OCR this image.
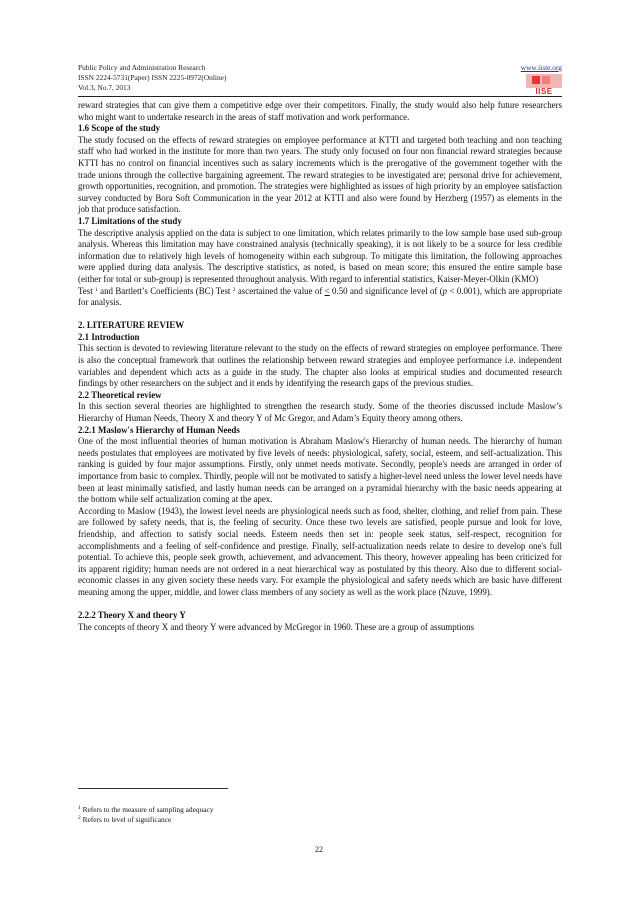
Public Policy and Administration Research
ISSN 2224-5731(Paper) ISSN 2225-0972(Online)
Vol.3, No.7, 2013
www.iiste.org
IISE

reward strategies that can give them a competitive edge over their competitors. Finally, the study would also help future researchers who might want to undertake research in the areas of staff motivation and work performance.

1.6 Scope of the study

The study focused on the effects of reward strategies on employee performance at KTTI and targeted both teaching and non teaching staff who had worked in the institute for more than two years. The study only focused on four non financial reward strategies because KTTI has no control on financial incentives such as salary increments which is the prerogative of the government together with the trade unions through the collective bargaining agreement. The reward strategies to be investigated are; personal drive for achievement, growth opportunities, recognition, and promotion. The strategies were highlighted as issues of high priority by an employee satisfaction survey conducted by Bora Soft Communication in the year 2012 at KTTI and also were found by Herzberg (1957) as elements in the job that produce satisfaction.

1.7 Limitations of the study

The descriptive analysis applied on the data is subject to one limitation, which relates primarily to the low sample base used sub-group analysis. Whereas this limitation may have constrained analysis (technically speaking), it is not likely to be a source for less credible information due to relatively high levels of homogeneity within each subgroup. To mitigate this limitation, the following approaches were applied during data analysis. The descriptive statistics, as noted, is based on mean score; this ensured the entire sample base (either for total or sub-group) is represented throughout analysis. With regard to inferential statistics, Kaiser-Meyer-Olkin (KMO)

Test $^1$ and Bartlett’s Coefficients (BC) Test $^2$ ascertained the value of < 0.50 and significance level of (p < 0.001), which are appropriate for analysis.

2. LITERATURE REVIEW

2.1 Introduction

This section is devoted to reviewing literature relevant to the study on the effects of reward strategies on employee performance. There is also the conceptual framework that outlines the relationship between reward strategies and employee performance i.e. independent variables and dependent which acts as a guide in the study. The chapter also looks at empirical studies and documented research findings by other researchers on the subject and it ends by identifying the research gaps of the previous studies.

2.2 Theoretical review

In this section several theories are highlighted to strengthen the research study. Some of the theories discussed include Maslow’s Hierarchy of Human Needs, Theory X and theory Y of Mc Gregor, and Adam’s Equity theory among others.

2.2.1 Maslow's Hierarchy of Human Needs

One of the most influential theories of human motivation is Abraham Maslow's Hierarchy of human needs. The hierarchy of human needs postulates that employees are motivated by five levels of needs: physiological, safety, social, esteem, and self-actualization. This ranking is guided by four major assumptions. Firstly, only unmet needs motivate. Secondly, people's needs are arranged in order of importance from basic to complex. Thirdly, people will not be motivated to satisfy a higher-level need unless the lower level needs have been at least minimally satisfied, and lastly human needs can be arranged on a pyramidal hierarchy with the basic needs appearing at the bottom while self actualization coming at the apex.

According to Maslow (1943), the lowest level needs are physiological needs such as food, shelter, clothing, and relief from pain. These are followed by safety needs, that is, the feeling of security. Once these two levels are satisfied, people pursue and look for love, friendship, and affection to satisfy social needs. Esteem needs then set in: people seek status, self-respect, recognition for accomplishments and a feeling of self-confidence and prestige. Finally, self-actualization needs relate to desire to develop one's full potential. To achieve this, people seek growth, achievement, and advancement. This theory, however appealing has been criticized for its apparent rigidity; human needs are not ordered in a neat hierarchical way as postulated by this theory. Also due to different social-economic classes in any given society these needs vary. For example the physiological and safety needs which are basic have different meaning among the upper, middle, and lower class members of any society as well as the work place (Nzuve, 1999).

2.2.2 Theory X and theory Y

The concepts of theory X and theory Y were advanced by McGregor in 1960. These are a group of assumptions

$^1$ Refers to the measure of sampling adequacy
$^2$ Refers to level of significance
22
